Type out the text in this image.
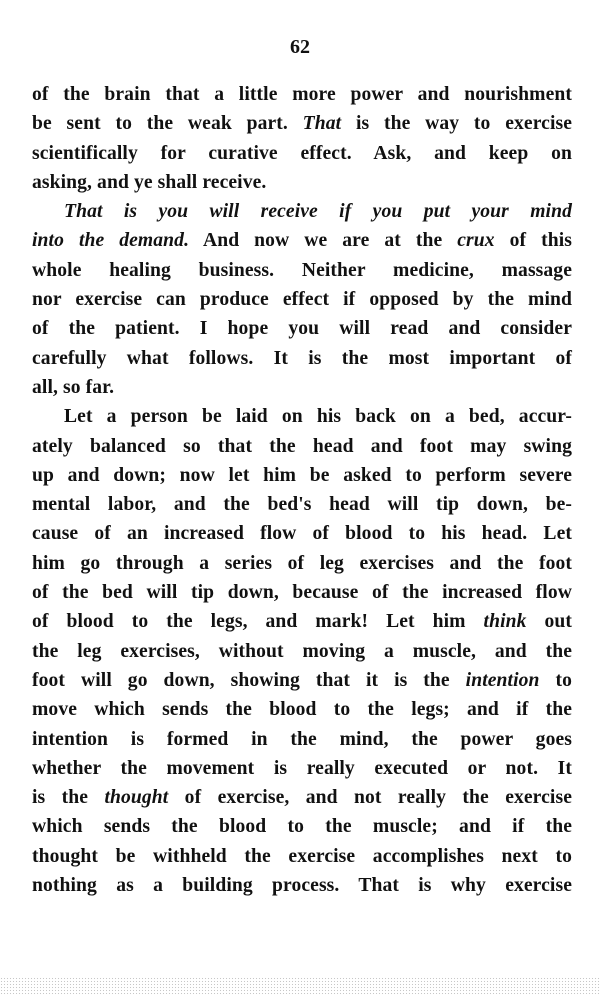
62
of the brain that a little more power and nourishment
be sent to the weak part. That is the way to exercise
scientifically for curative effect. Ask, and keep on
asking, and ye shall receive.
That is you will receive if you put your mind
into the demand. And now we are at the crux of this
whole healing business. Neither medicine, massage
nor exercise can produce effect if opposed by the mind
of the patient. I hope you will read and consider
carefully what follows. It is the most important of
all, so far.
Let a person be laid on his back on a bed, accur-
ately balanced so that the head and foot may swing
up and down; now let him be asked to perform severe
mental labor, and the bed's head will tip down, be-
cause of an increased flow of blood to his head. Let
him go through a series of leg exercises and the foot
of the bed will tip down, because of the increased flow
of blood to the legs, and mark! Let him think out
the leg exercises, without moving a muscle, and the
foot will go down, showing that it is the intention to
move which sends the blood to the legs; and if the
intention is formed in the mind, the power goes
whether the movement is really executed or not. It
is the thought of exercise, and not really the exercise
which sends the blood to the muscle; and if the
thought be withheld the exercise accomplishes next to
nothing as a building process. That is why exercise
